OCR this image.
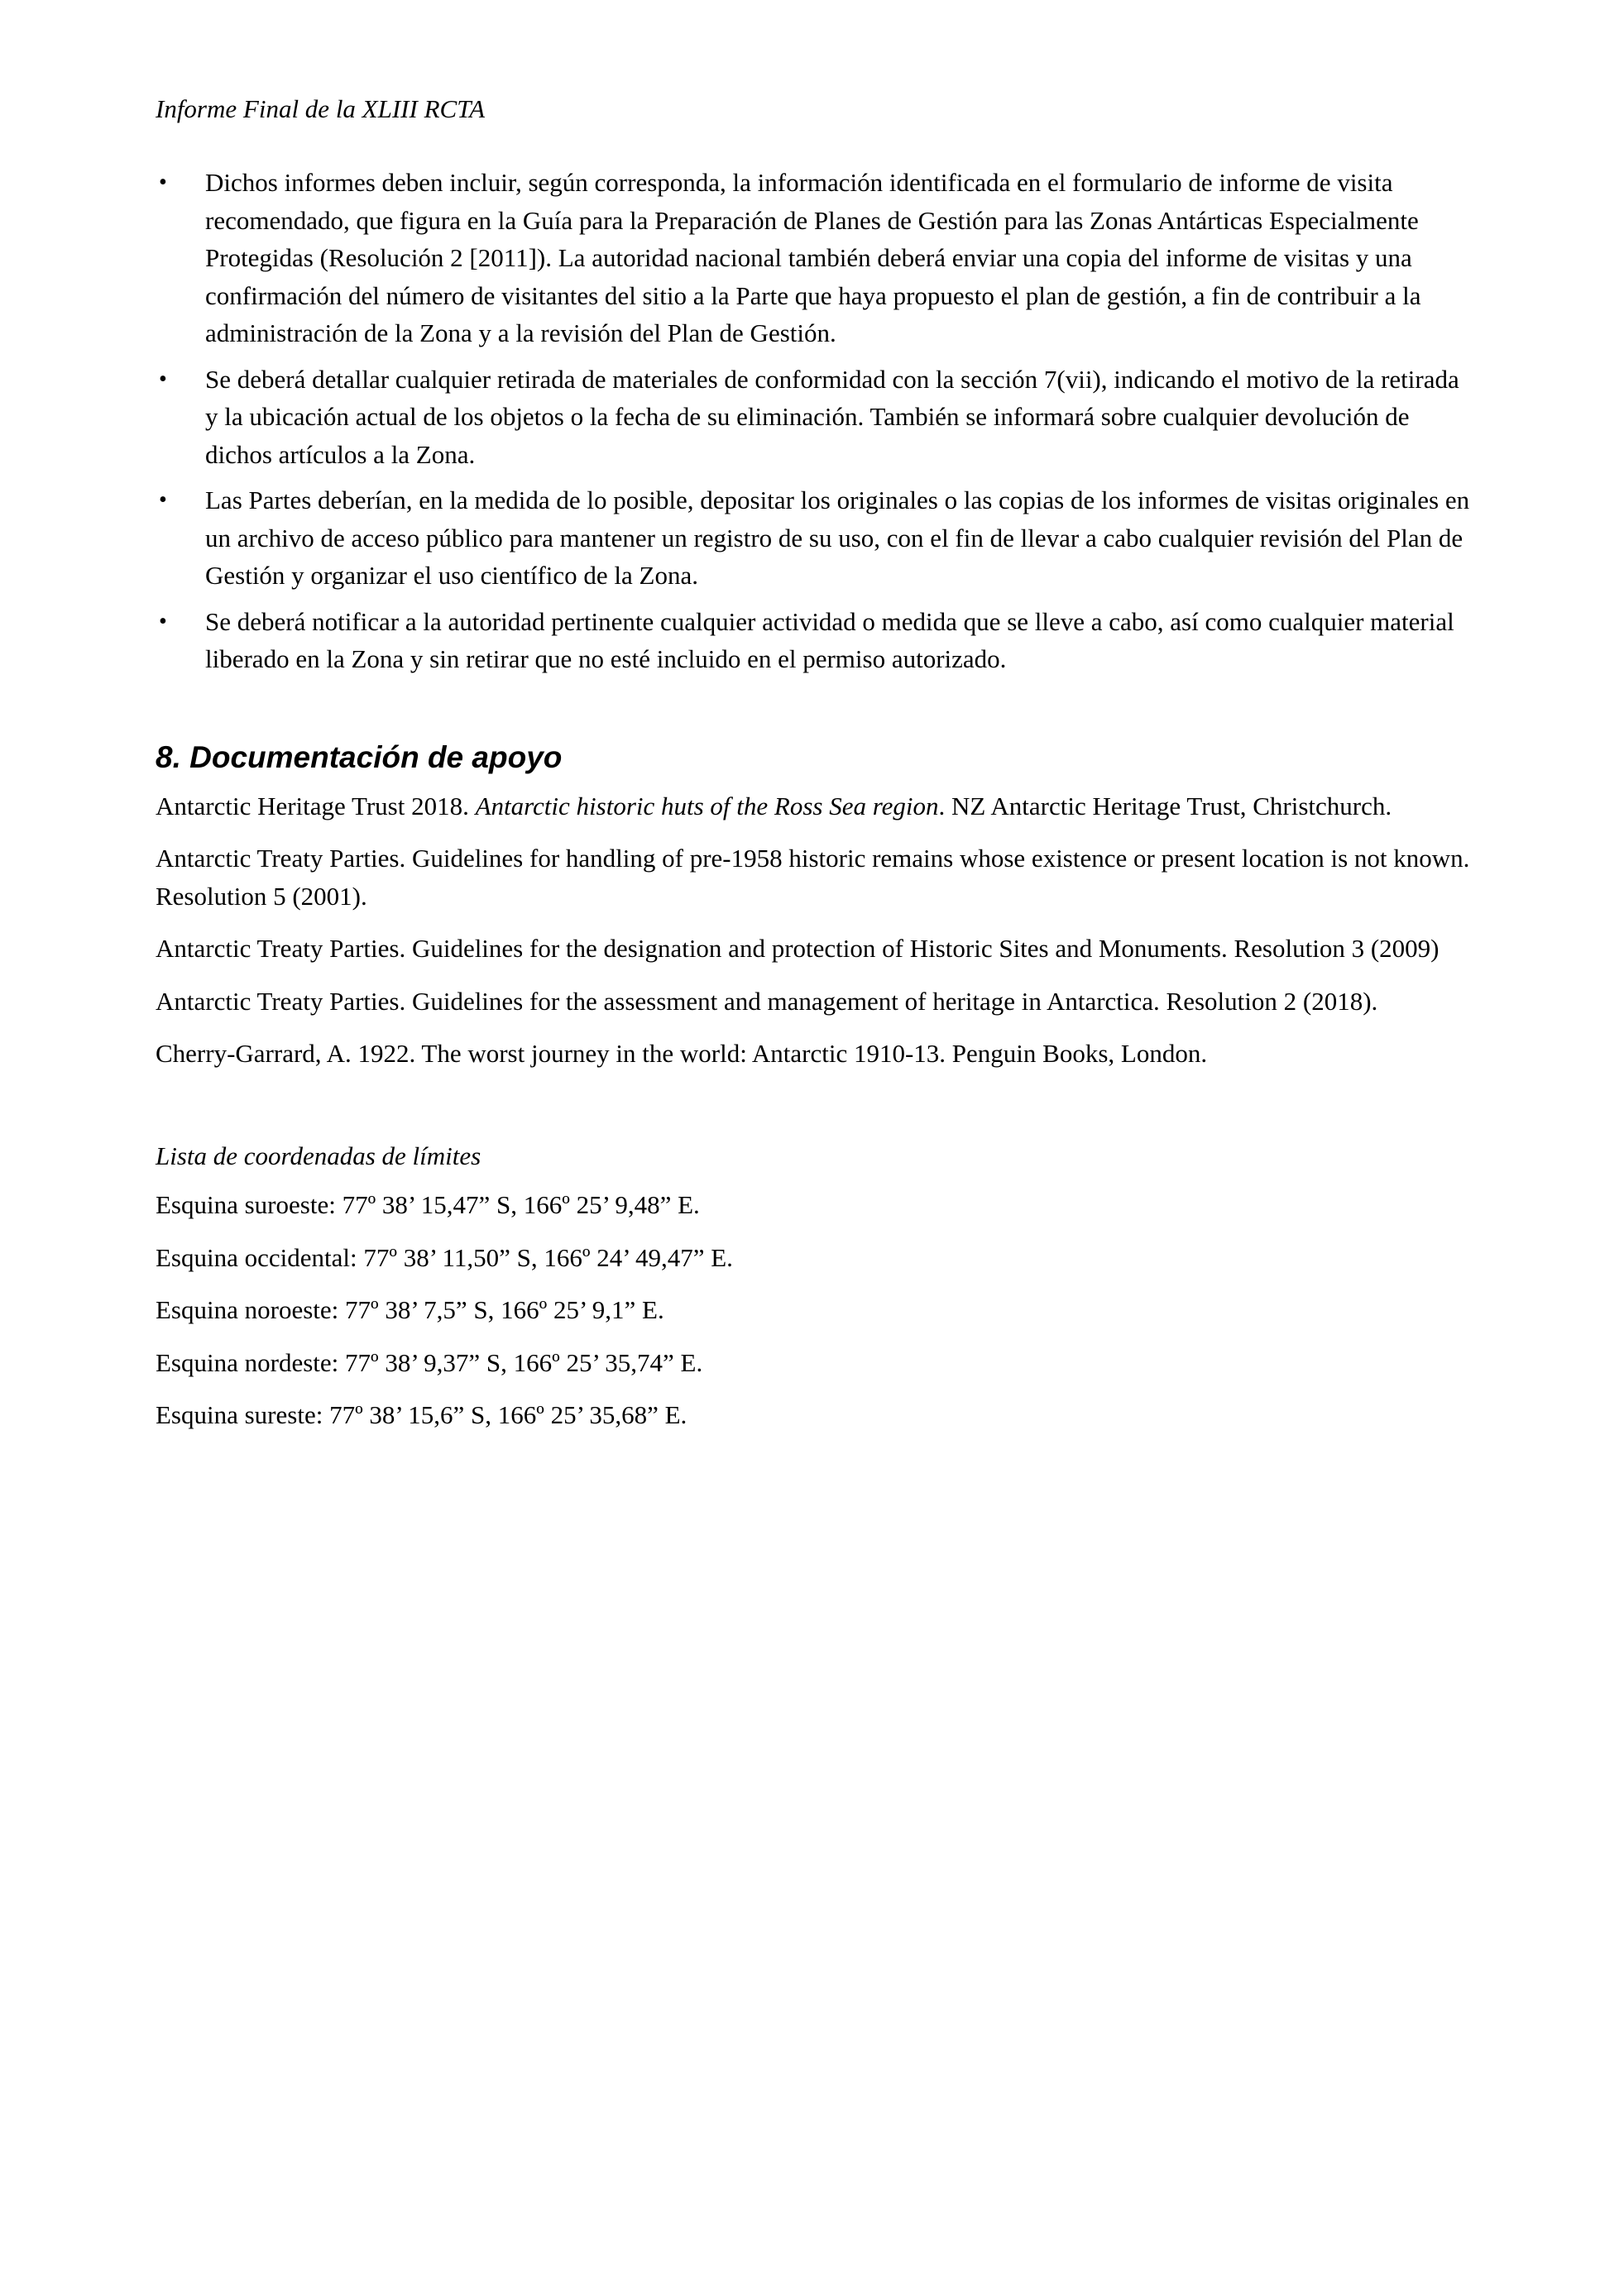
Informe Final de la XLIII RCTA
• Dichos informes deben incluir, según corresponda, la información identificada en el formulario de informe de visita recomendado, que figura en la Guía para la Preparación de Planes de Gestión para las Zonas Antárticas Especialmente Protegidas (Resolución 2 [2011]). La autoridad nacional también deberá enviar una copia del informe de visitas y una confirmación del número de visitantes del sitio a la Parte que haya propuesto el plan de gestión, a fin de contribuir a la administración de la Zona y a la revisión del Plan de Gestión.
• Se deberá detallar cualquier retirada de materiales de conformidad con la sección 7(vii), indicando el motivo de la retirada y la ubicación actual de los objetos o la fecha de su eliminación. También se informará sobre cualquier devolución de dichos artículos a la Zona.
• Las Partes deberían, en la medida de lo posible, depositar los originales o las copias de los informes de visitas originales en un archivo de acceso público para mantener un registro de su uso, con el fin de llevar a cabo cualquier revisión del Plan de Gestión y organizar el uso científico de la Zona.
• Se deberá notificar a la autoridad pertinente cualquier actividad o medida que se lleve a cabo, así como cualquier material liberado en la Zona y sin retirar que no esté incluido en el permiso autorizado.
8. Documentación de apoyo

Antarctic Heritage Trust 2018. Antarctic historic huts of the Ross Sea region. NZ Antarctic Heritage Trust, Christchurch.

Antarctic Treaty Parties. Guidelines for handling of pre-1958 historic remains whose existence or present location is not known. Resolution 5 (2001).

Antarctic Treaty Parties. Guidelines for the designation and protection of Historic Sites and Monuments. Resolution 3 (2009)

Antarctic Treaty Parties. Guidelines for the assessment and management of heritage in Antarctica. Resolution 2 (2018).

Cherry-Garrard, A. 1922. The worst journey in the world: Antarctic 1910-13. Penguin Books, London.

Lista de coordenadas de límites

Esquina suroeste: 77º 38’ 15,47” S, 166º 25’ 9,48” E.

Esquina occidental: 77º 38’ 11,50” S, 166º 24’ 49,47” E.

Esquina noroeste: 77º 38’ 7,5” S, 166º 25’ 9,1” E.

Esquina nordeste: 77º 38’ 9,37” S, 166º 25’ 35,74” E.

Esquina sureste: 77º 38’ 15,6” S, 166º 25’ 35,68” E.
